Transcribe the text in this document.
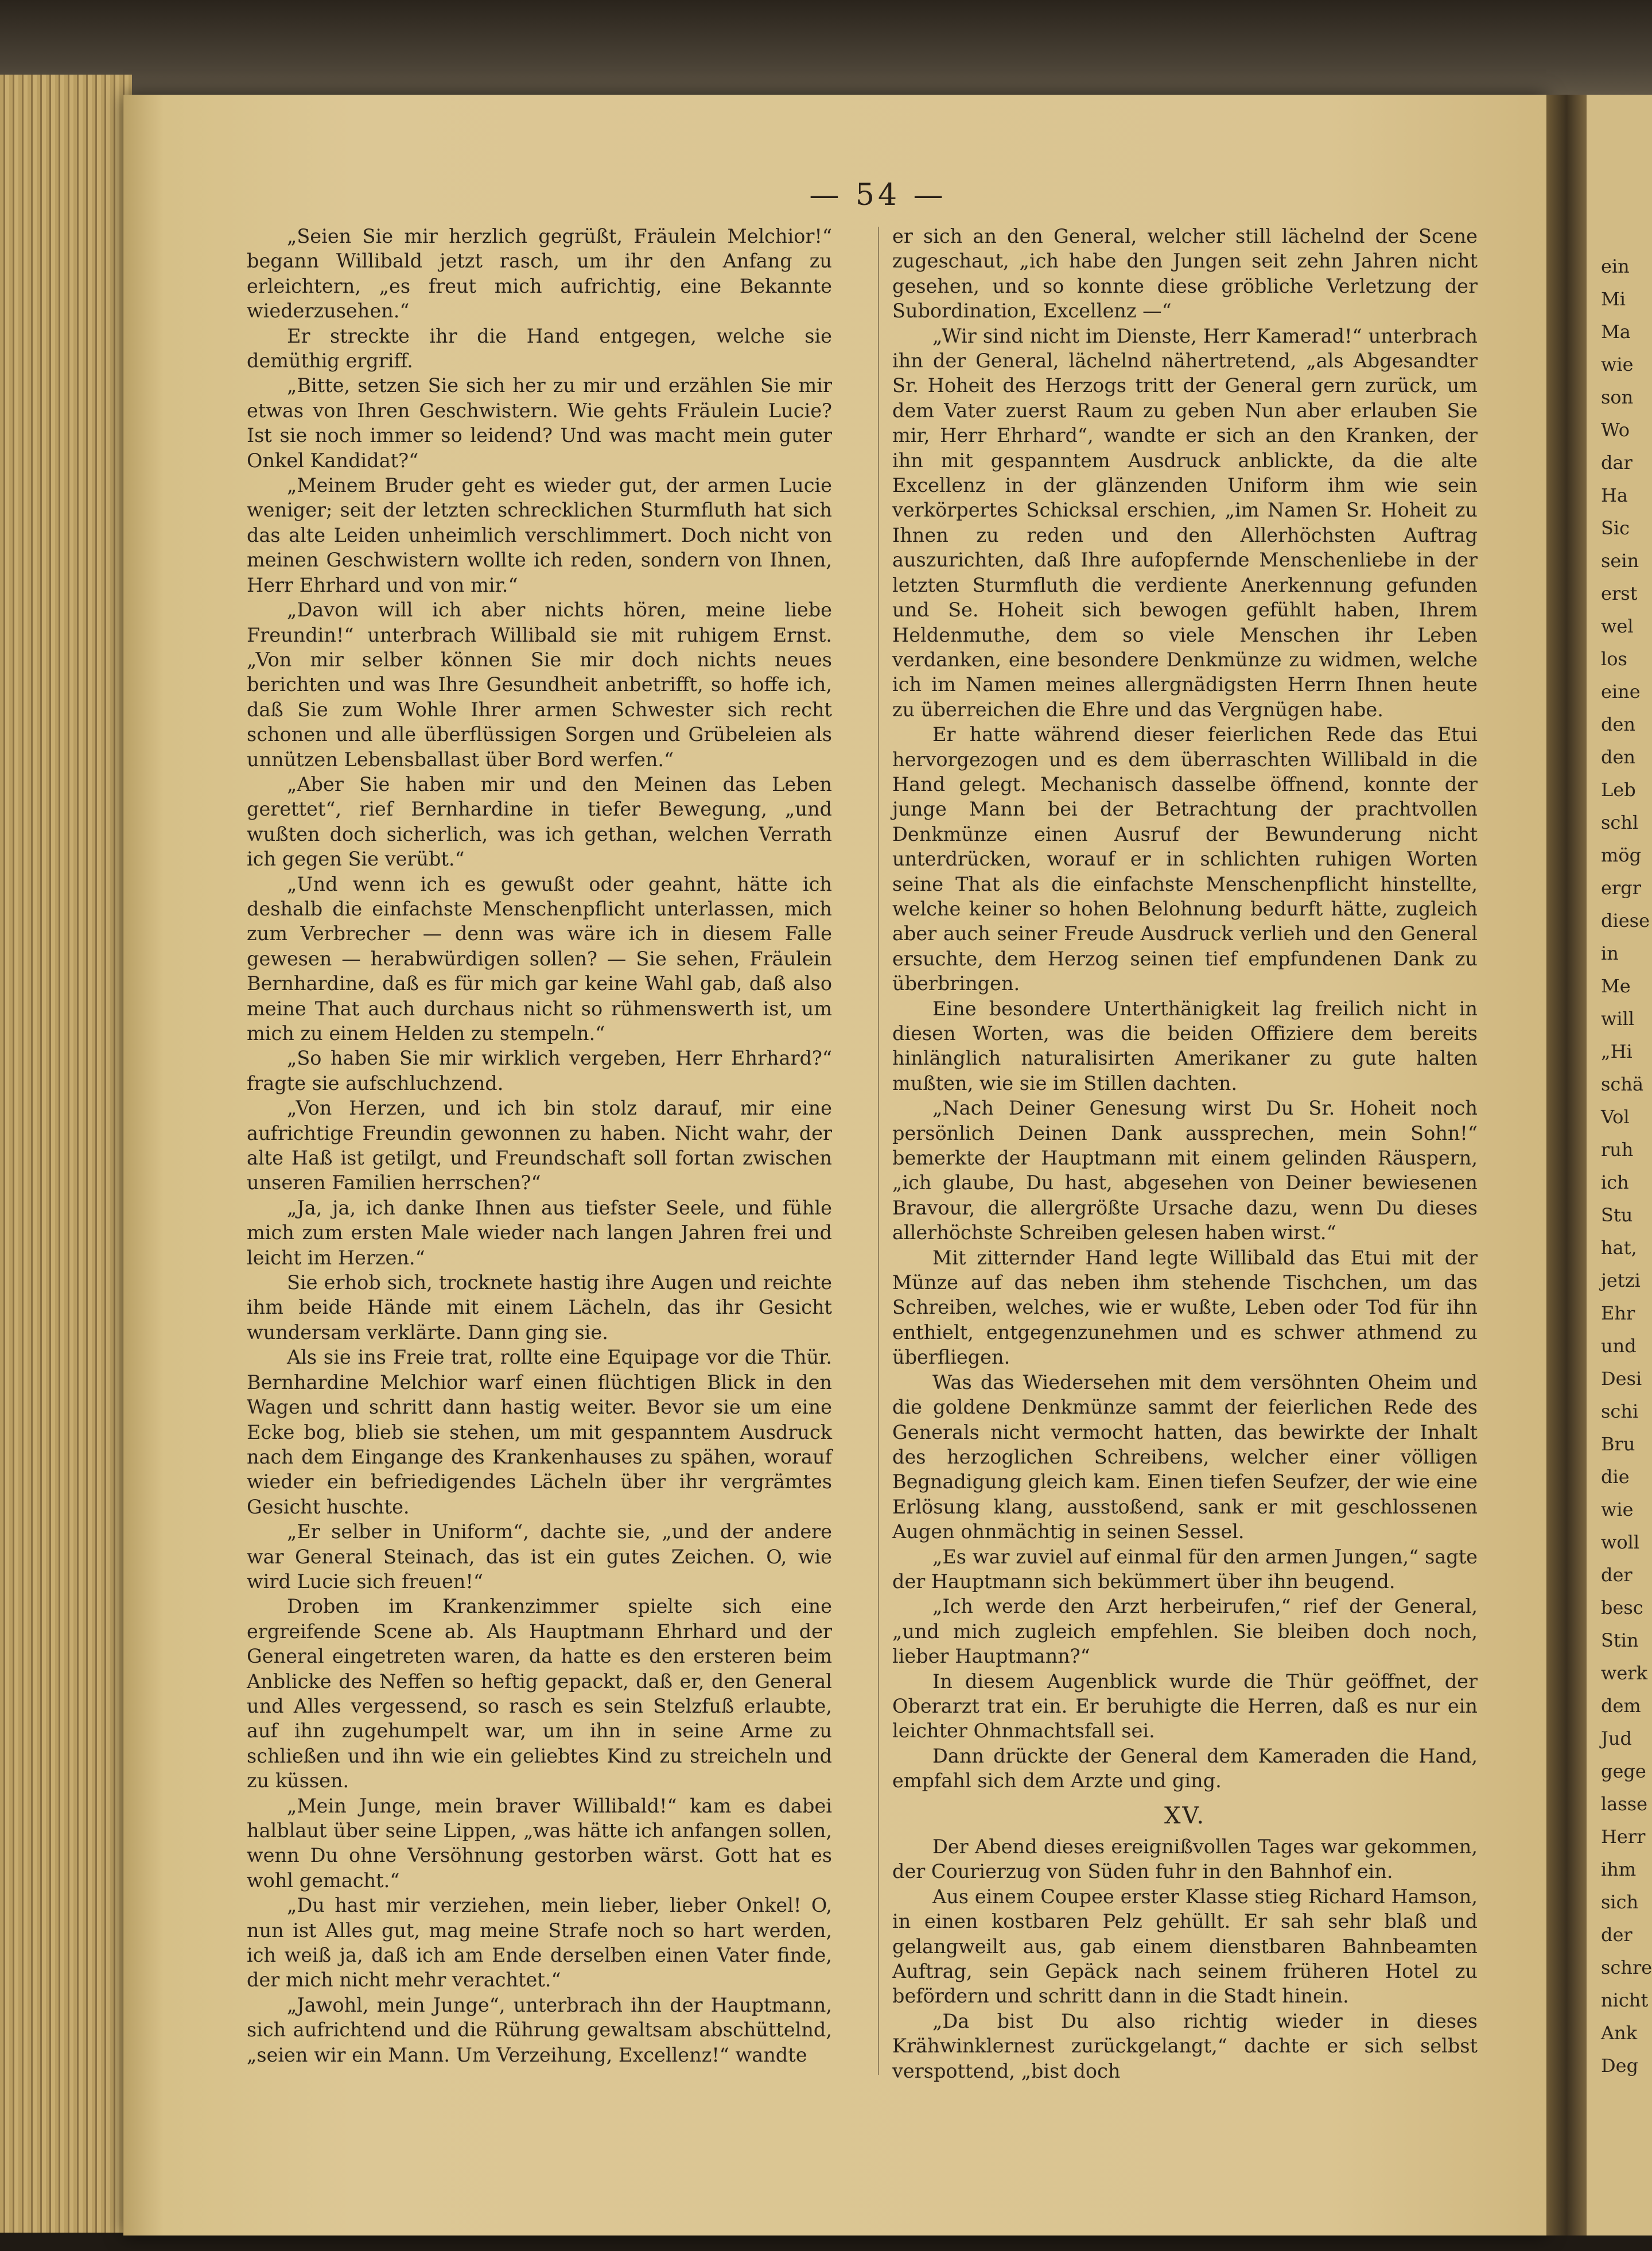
— 54 —

„Seien Sie mir herzlich gegrüßt, Fräulein Melchior!“ begann Willibald jetzt rasch, um ihr den Anfang zu erleichtern, „es freut mich aufrichtig, eine Bekannte wiederzusehen.“

Er streckte ihr die Hand entgegen, welche sie demüthig ergriff.

„Bitte, setzen Sie sich her zu mir und erzählen Sie mir etwas von Ihren Geschwistern. Wie gehts Fräulein Lucie? Ist sie noch immer so leidend? Und was macht mein guter Onkel Kandidat?“

„Meinem Bruder geht es wieder gut, der armen Lucie weniger; seit der letzten schrecklichen Sturmfluth hat sich das alte Leiden unheimlich verschlimmert. Doch nicht von meinen Geschwistern wollte ich reden, sondern von Ihnen, Herr Ehrhard und von mir.“

„Davon will ich aber nichts hören, meine liebe Freundin!“ unterbrach Willibald sie mit ruhigem Ernst. „Von mir selber können Sie mir doch nichts neues berichten und was Ihre Gesundheit anbetrifft, so hoffe ich, daß Sie zum Wohle Ihrer armen Schwester sich recht schonen und alle überflüssigen Sorgen und Grübeleien als unnützen Lebensballast über Bord werfen.“

„Aber Sie haben mir und den Meinen das Leben gerettet“, rief Bernhardine in tiefer Bewegung, „und wußten doch sicherlich, was ich gethan, welchen Verrath ich gegen Sie verübt.“

„Und wenn ich es gewußt oder geahnt, hätte ich deshalb die einfachste Menschenpflicht unterlassen, mich zum Verbrecher — denn was wäre ich in diesem Falle gewesen — herabwürdigen sollen? — Sie sehen, Fräulein Bernhardine, daß es für mich gar keine Wahl gab, daß also meine That auch durchaus nicht so rühmenswerth ist, um mich zu einem Helden zu stempeln.“

„So haben Sie mir wirklich vergeben, Herr Ehrhard?“ fragte sie aufschluchzend.

„Von Herzen, und ich bin stolz darauf, mir eine aufrichtige Freundin gewonnen zu haben. Nicht wahr, der alte Haß ist getilgt, und Freundschaft soll fortan zwischen unseren Familien herrschen?“

„Ja, ja, ich danke Ihnen aus tiefster Seele, und fühle mich zum ersten Male wieder nach langen Jahren frei und leicht im Herzen.“

Sie erhob sich, trocknete hastig ihre Augen und reichte ihm beide Hände mit einem Lächeln, das ihr Gesicht wundersam verklärte. Dann ging sie.

Als sie ins Freie trat, rollte eine Equipage vor die Thür. Bernhardine Melchior warf einen flüchtigen Blick in den Wagen und schritt dann hastig weiter. Bevor sie um eine Ecke bog, blieb sie stehen, um mit gespanntem Ausdruck nach dem Eingange des Krankenhauses zu spähen, worauf wieder ein befriedigendes Lächeln über ihr vergrämtes Gesicht huschte.

„Er selber in Uniform“, dachte sie, „und der andere war General Steinach, das ist ein gutes Zeichen. O, wie wird Lucie sich freuen!“

Droben im Krankenzimmer spielte sich eine ergreifende Scene ab. Als Hauptmann Ehrhard und der General eingetreten waren, da hatte es den ersteren beim Anblicke des Neffen so heftig gepackt, daß er, den General und Alles vergessend, so rasch es sein Stelzfuß erlaubte, auf ihn zugehumpelt war, um ihn in seine Arme zu schließen und ihn wie ein geliebtes Kind zu streicheln und zu küssen.

„Mein Junge, mein braver Willibald!“ kam es dabei halblaut über seine Lippen, „was hätte ich anfangen sollen, wenn Du ohne Versöhnung gestorben wärst. Gott hat es wohl gemacht.“

„Du hast mir verziehen, mein lieber, lieber Onkel! O, nun ist Alles gut, mag meine Strafe noch so hart werden, ich weiß ja, daß ich am Ende derselben einen Vater finde, der mich nicht mehr verachtet.“

„Jawohl, mein Junge“, unterbrach ihn der Hauptmann, sich aufrichtend und die Rührung gewaltsam abschüttelnd, „seien wir ein Mann. Um Verzeihung, Excellenz!“ wandte

er sich an den General, welcher still lächelnd der Scene zugeschaut, „ich habe den Jungen seit zehn Jahren nicht gesehen, und so konnte diese gröbliche Verletzung der Subordination, Excellenz —“

„Wir sind nicht im Dienste, Herr Kamerad!“ unterbrach ihn der General, lächelnd nähertretend, „als Abgesandter Sr. Hoheit des Herzogs tritt der General gern zurück, um dem Vater zuerst Raum zu geben Nun aber erlauben Sie mir, Herr Ehrhard“, wandte er sich an den Kranken, der ihn mit gespanntem Ausdruck anblickte, da die alte Excellenz in der glänzenden Uniform ihm wie sein verkörpertes Schicksal erschien, „im Namen Sr. Hoheit zu Ihnen zu reden und den Allerhöchsten Auftrag auszurichten, daß Ihre aufopfernde Menschenliebe in der letzten Sturmfluth die verdiente Anerkennung gefunden und Se. Hoheit sich bewogen gefühlt haben, Ihrem Heldenmuthe, dem so viele Menschen ihr Leben verdanken, eine besondere Denkmünze zu widmen, welche ich im Namen meines allergnädigsten Herrn Ihnen heute zu überreichen die Ehre und das Vergnügen habe.

Er hatte während dieser feierlichen Rede das Etui hervorgezogen und es dem überraschten Willibald in die Hand gelegt. Mechanisch dasselbe öffnend, konnte der junge Mann bei der Betrachtung der prachtvollen Denkmünze einen Ausruf der Bewunderung nicht unterdrücken, worauf er in schlichten ruhigen Worten seine That als die einfachste Menschenpflicht hinstellte, welche keiner so hohen Belohnung bedurft hätte, zugleich aber auch seiner Freude Ausdruck verlieh und den General ersuchte, dem Herzog seinen tief empfundenen Dank zu überbringen.

Eine besondere Unterthänigkeit lag freilich nicht in diesen Worten, was die beiden Offiziere dem bereits hinlänglich naturalisirten Amerikaner zu gute halten mußten, wie sie im Stillen dachten.

„Nach Deiner Genesung wirst Du Sr. Hoheit noch persönlich Deinen Dank aussprechen, mein Sohn!“ bemerkte der Hauptmann mit einem gelinden Räuspern, „ich glaube, Du hast, abgesehen von Deiner bewiesenen Bravour, die allergrößte Ursache dazu, wenn Du dieses allerhöchste Schreiben gelesen haben wirst.“

Mit zitternder Hand legte Willibald das Etui mit der Münze auf das neben ihm stehende Tischchen, um das Schreiben, welches, wie er wußte, Leben oder Tod für ihn enthielt, entgegenzunehmen und es schwer athmend zu überfliegen.

Was das Wiedersehen mit dem versöhnten Oheim und die goldene Denkmünze sammt der feierlichen Rede des Generals nicht vermocht hatten, das bewirkte der Inhalt des herzoglichen Schreibens, welcher einer völligen Begnadigung gleich kam. Einen tiefen Seufzer, der wie eine Erlösung klang, ausstoßend, sank er mit geschlossenen Augen ohnmächtig in seinen Sessel.

„Es war zuviel auf einmal für den armen Jungen,“ sagte der Hauptmann sich bekümmert über ihn beugend.

„Ich werde den Arzt herbeirufen,“ rief der General, „und mich zugleich empfehlen. Sie bleiben doch noch, lieber Hauptmann?“

In diesem Augenblick wurde die Thür geöffnet, der Oberarzt trat ein. Er beruhigte die Herren, daß es nur ein leichter Ohnmachtsfall sei.

Dann drückte der General dem Kameraden die Hand, empfahl sich dem Arzte und ging.

XV.

Der Abend dieses ereignißvollen Tages war gekommen, der Courierzug von Süden fuhr in den Bahnhof ein.

Aus einem Coupee erster Klasse stieg Richard Hamson, in einen kostbaren Pelz gehüllt. Er sah sehr blaß und gelangweilt aus, gab einem dienstbaren Bahnbeamten Auftrag, sein Gepäck nach seinem früheren Hotel zu befördern und schritt dann in die Stadt hinein.

„Da bist Du also richtig wieder in dieses Krähwinklernest zurückgelangt,“ dachte er sich selbst verspottend, „bist doch

ein
Mi
Ma
wie
son
Wo
dar
Ha
Sic
sein
erst
wel
los
eine
den
den
Leb
schl
mög
ergr
diese
in
Me
will
„Hi
schä
Vol
ruh
ich
Stu
hat,
jetzi
Ehr
und
Desi
schi
Bru
die
wie
woll
der
besc
Stin
werk
dem
Jud
gege
lasse
Herr
ihm
sich
der
schre
nicht
Ank
Deg
